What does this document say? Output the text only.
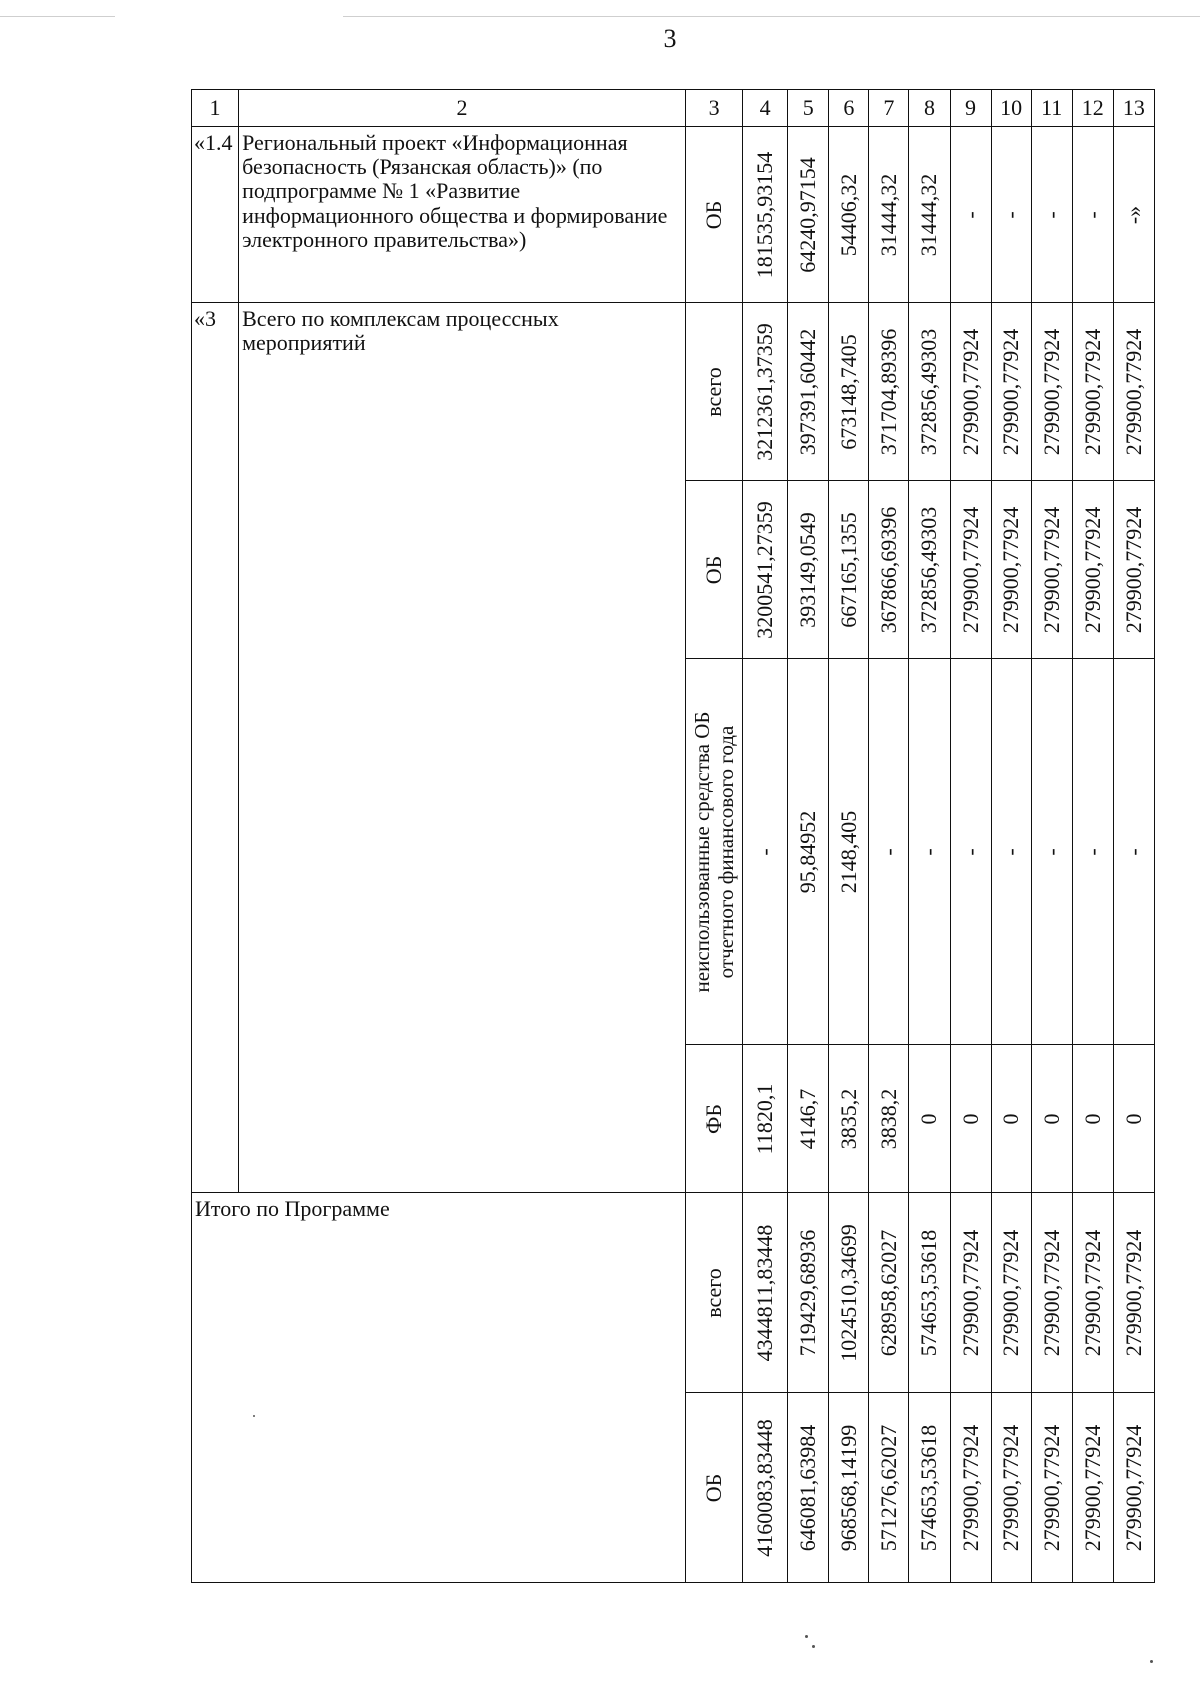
3
1	2	3	4	5	6	7	8	9	10	11	12	13
«1.4	Региональный проект «Информационная безопасность (Рязанская область)» (по подпрограмме № 1 «Развитие информационного общества и формирование электронного правительства»)	ОБ	181535,93154	64240,97154	54406,32	31444,32	31444,32	-	-	-	-	-»

«3	Всего по комплексам процессных мероприятий	всего	3212361,37359	397391,60442	673148,7405	371704,89396	372856,49303	279900,77924	279900,77924	279900,77924	279900,77924	279900,77924

		ОБ	3200541,27359	393149,0549	667165,1355	367866,69396	372856,49303	279900,77924	279900,77924	279900,77924	279900,77924	279900,77924

		неиспользованные средства ОБ отчетного финансового года	-	95,84952	2148,405	-	-	-	-	-	-	-

		ФБ	11820,1	4146,7	3835,2	3838,2	0	0	0	0	0	0

Итого по Программе		всего	4344811,83448	719429,68936	1024510,34699	628958,62027	574653,53618	279900,77924	279900,77924	279900,77924	279900,77924	279900,77924

		ОБ	4160083,83448	646081,63984	968568,14199	571276,62027	574653,53618	279900,77924	279900,77924	279900,77924	279900,77924	279900,77924
